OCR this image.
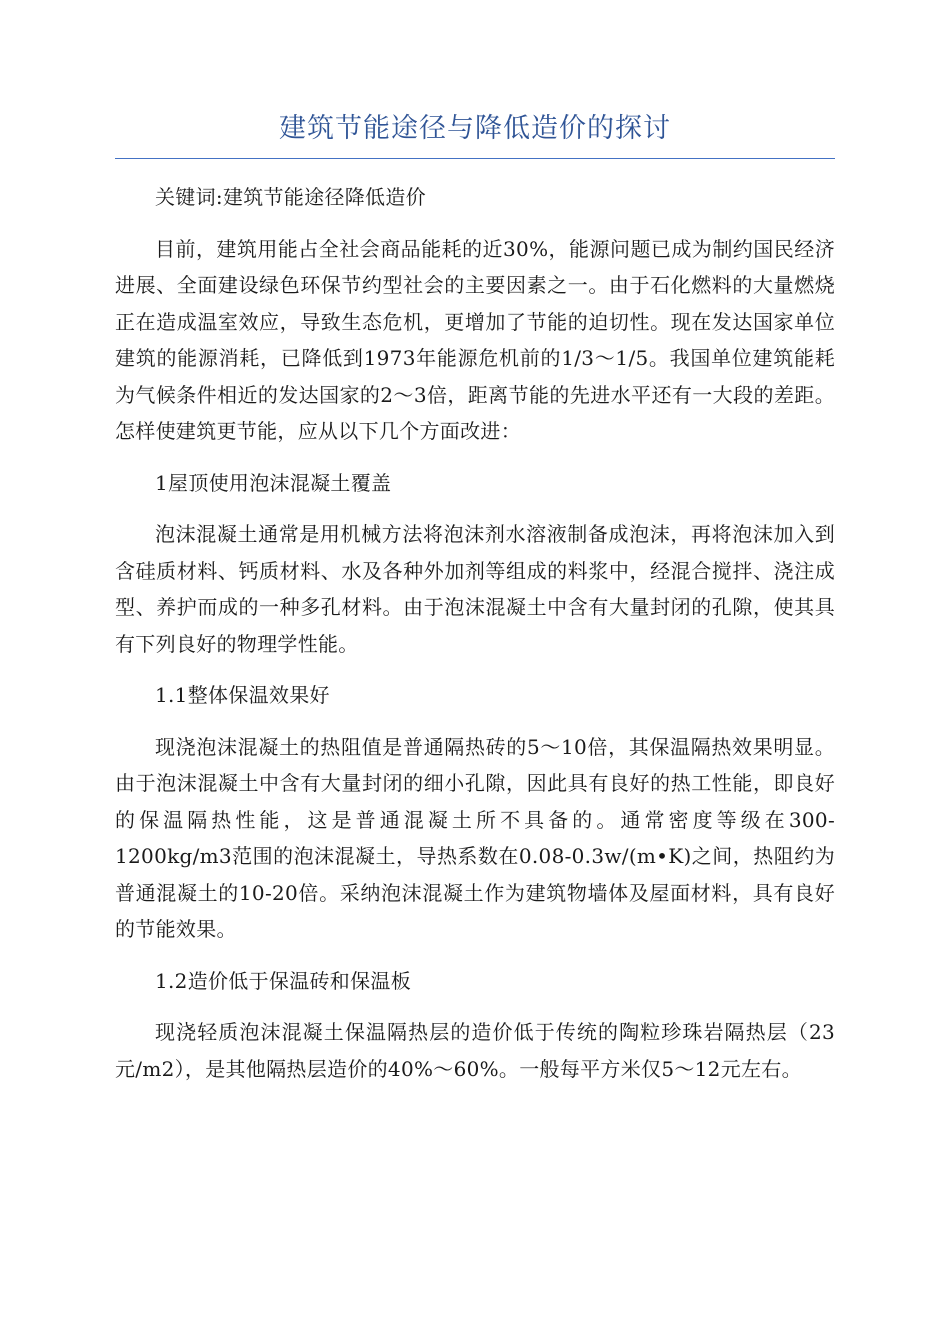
建筑节能途径与降低造价的探讨

关键词:建筑节能途径降低造价

目前，建筑用能占全社会商品能耗的近30%，能源问题已成为制约国民经济进展、全面建设绿色环保节约型社会的主要因素之一。由于石化燃料的大量燃烧正在造成温室效应，导致生态危机，更增加了节能的迫切性。现在发达国家单位建筑的能源消耗，已降低到1973年能源危机前的1/3～1/5。我国单位建筑能耗为气候条件相近的发达国家的2～3倍，距离节能的先进水平还有一大段的差距。怎样使建筑更节能，应从以下几个方面改进：

1屋顶使用泡沫混凝土覆盖

泡沫混凝土通常是用机械方法将泡沫剂水溶液制备成泡沫，再将泡沫加入到含硅质材料、钙质材料、水及各种外加剂等组成的料浆中，经混合搅拌、浇注成型、养护而成的一种多孔材料。由于泡沫混凝土中含有大量封闭的孔隙，使其具有下列良好的物理学性能。

1.1整体保温效果好

现浇泡沫混凝土的热阻值是普通隔热砖的5～10倍，其保温隔热效果明显。由于泡沫混凝土中含有大量封闭的细小孔隙，因此具有良好的热工性能，即良好的保温隔热性能，这是普通混凝土所不具备的。通常密度等级在300-1200kg/m3范围的泡沫混凝土，导热系数在0.08-0.3w/(m•K)之间，热阻约为普通混凝土的10-20倍。采纳泡沫混凝土作为建筑物墙体及屋面材料，具有良好的节能效果。

1.2造价低于保温砖和保温板

现浇轻质泡沫混凝土保温隔热层的造价低于传统的陶粒珍珠岩隔热层（23元/m2），是其他隔热层造价的40%～60%。一般每平方米仅5～12元左右。
